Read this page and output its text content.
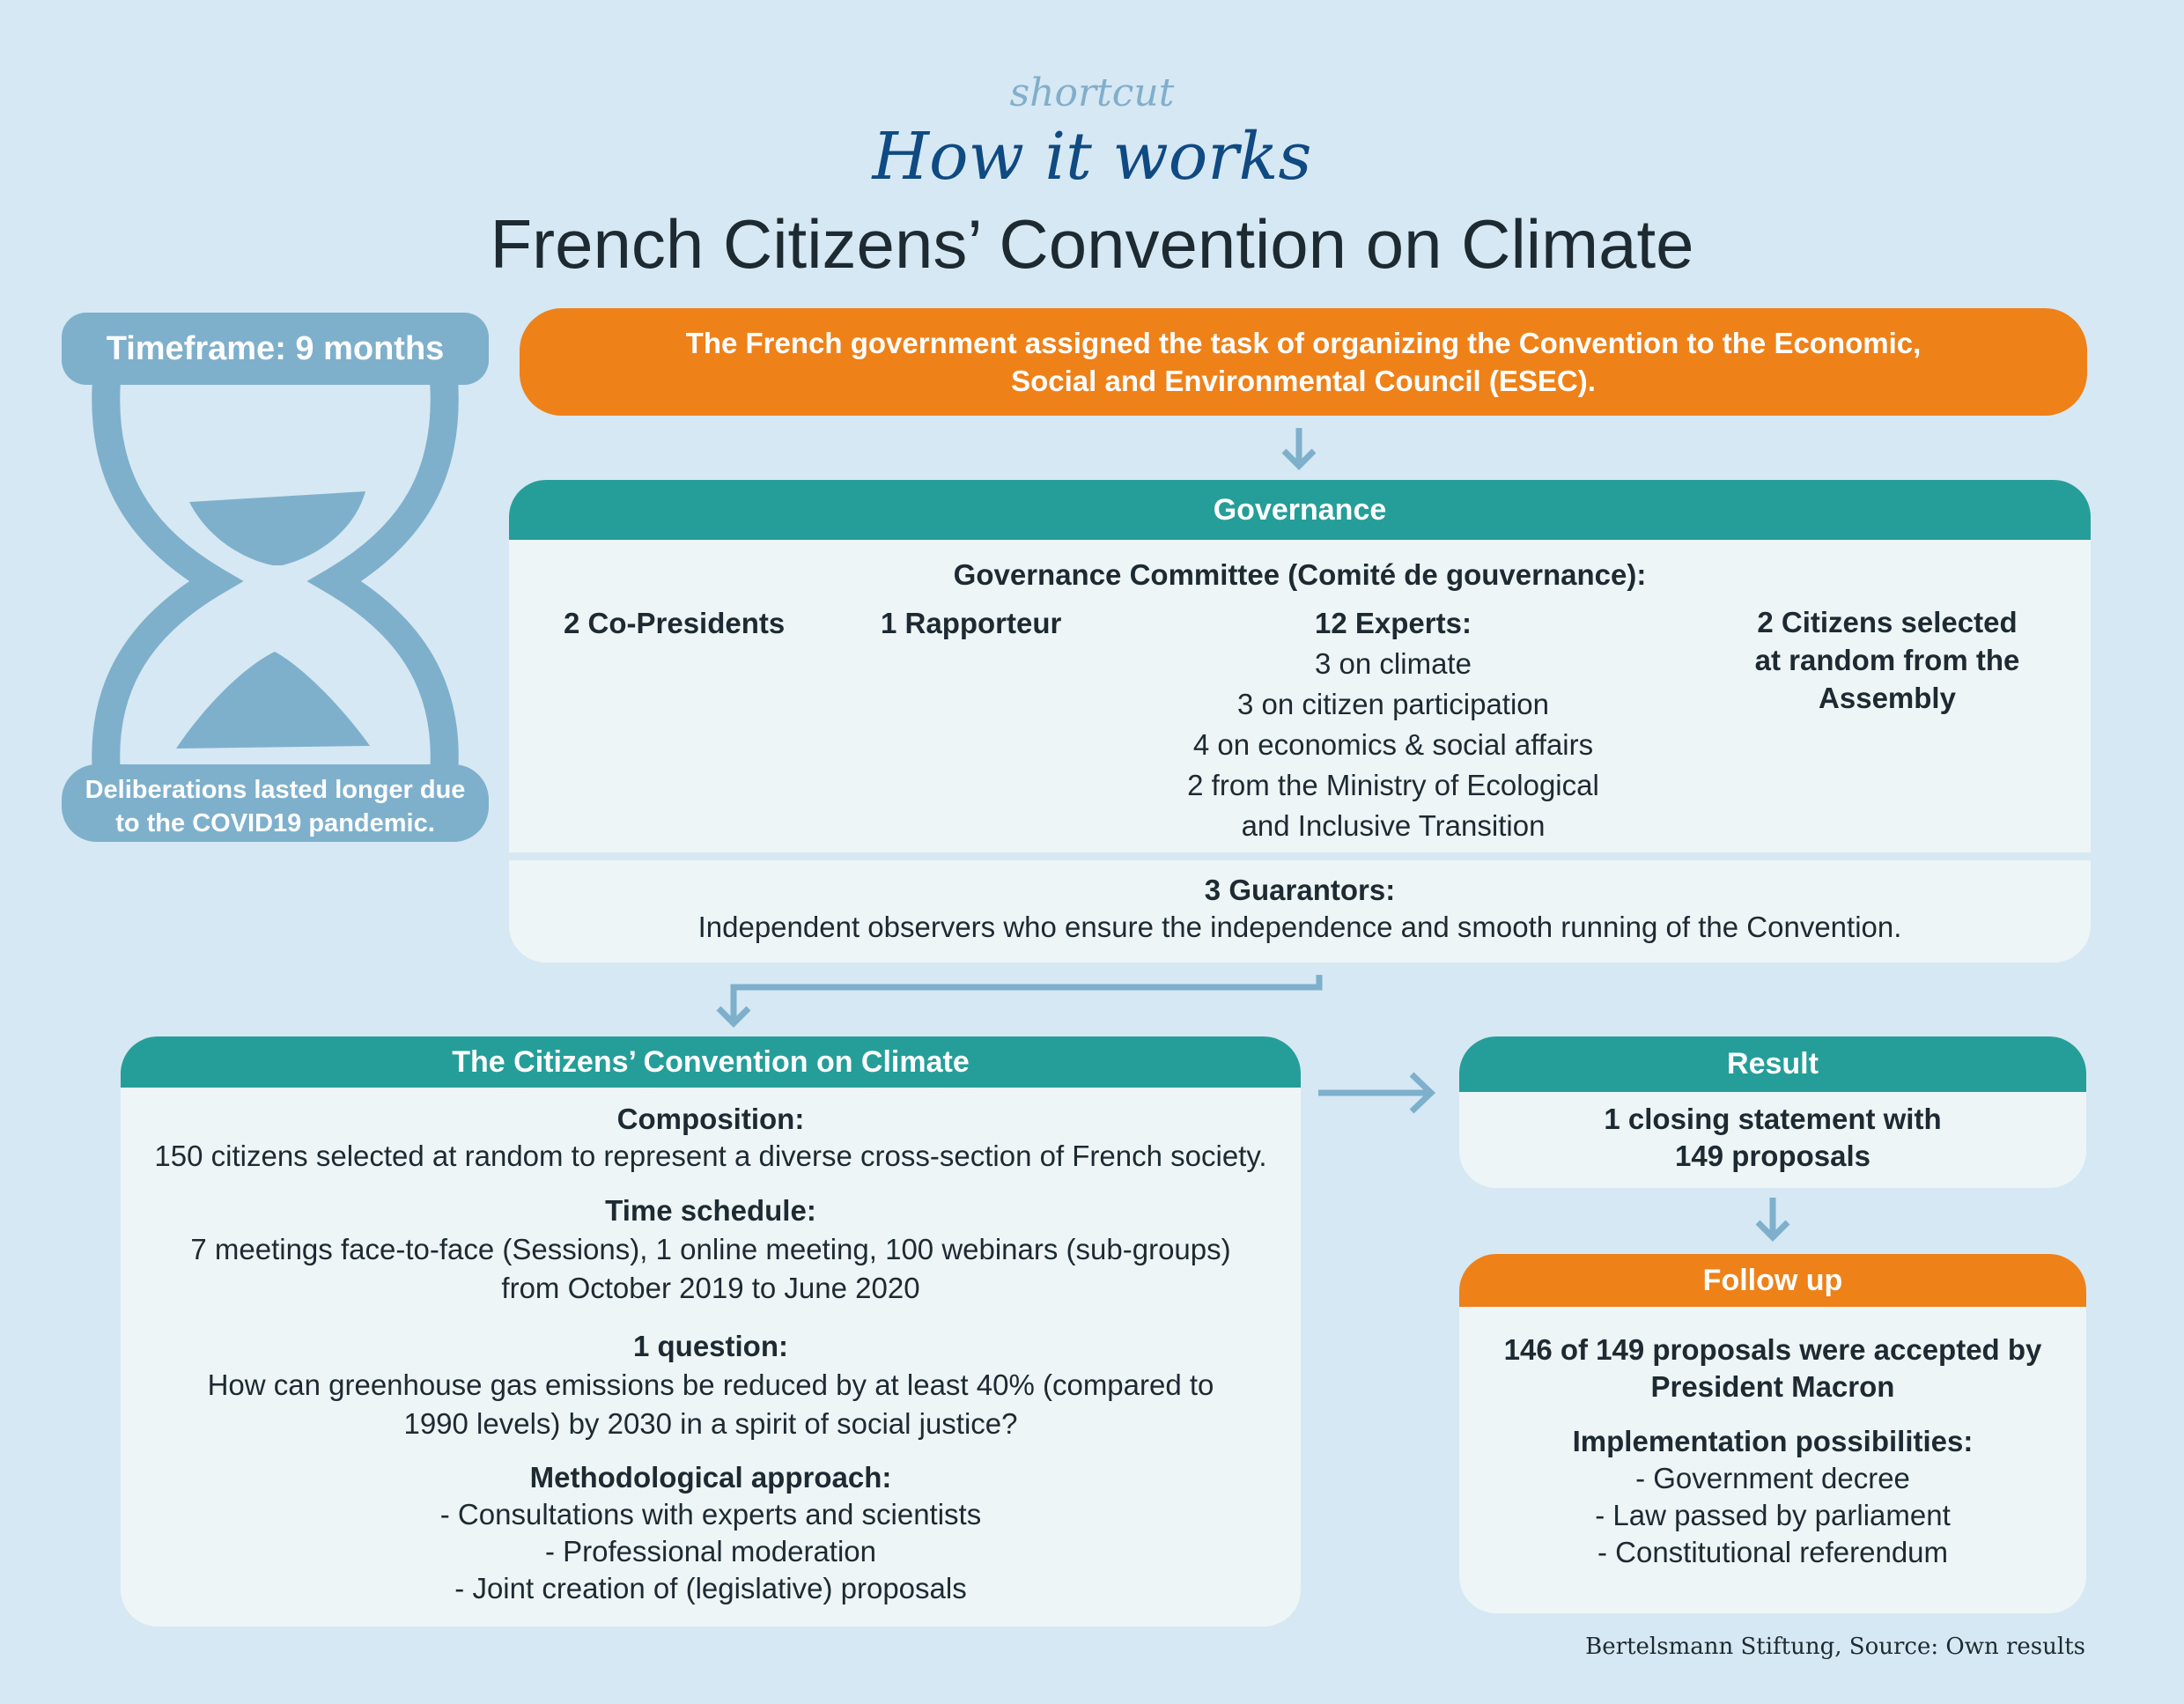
shortcut
How it works
French Citizens’ Convention on Climate
Timeframe: 9 months
Deliberations lasted longer due
to the COVID19 pandemic.
The French government assigned the task of organizing the Convention to the Economic,
Social and Environmental Council (ESEC).
Governance
Governance Committee (Comité de gouvernance):
2 Co-Presidents	1 Rapporteur	12 Experts:
3 on climate
3 on citizen participation
4 on economics & social affairs
2 from the Ministry of Ecological
and Inclusive Transition
2 Citizens selected
at random from the
Assembly
3 Guarantors:
Independent observers who ensure the independence and smooth running of the Convention.
The Citizens’ Convention on Climate
Composition:
150 citizens selected at random to represent a diverse cross-section of French society.
Time schedule:
7 meetings face-to-face (Sessions), 1 online meeting, 100 webinars (sub-groups)
from October 2019 to June 2020
1 question:
How can greenhouse gas emissions be reduced by at least 40% (compared to
1990 levels) by 2030 in a spirit of social justice?
Methodological approach:
- Consultations with experts and scientists
- Professional moderation
- Joint creation of (legislative) proposals
Result
1 closing statement with
149 proposals
Follow up
146 of 149 proposals were accepted by
President Macron
Implementation possibilities:
- Government decree
- Law passed by parliament
- Constitutional referendum
Bertelsmann Stiftung, Source: Own results
